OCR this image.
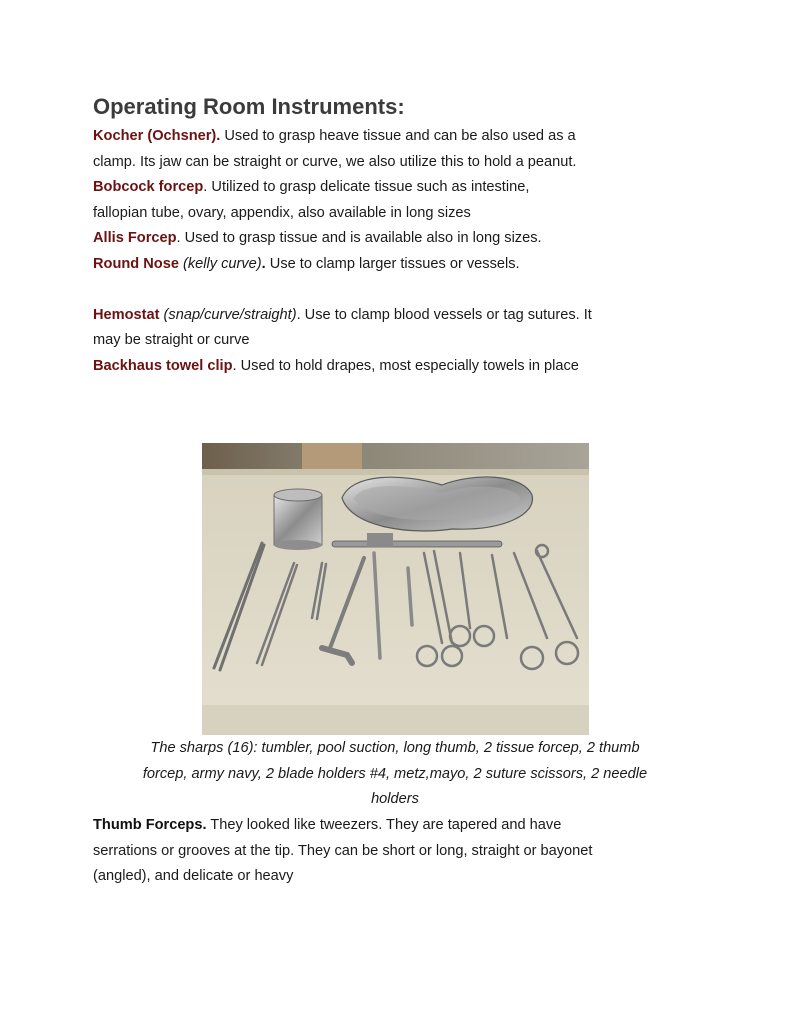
Operating Room Instruments:

Kocher (Ochsner). Used to grasp heave tissue and can be also used as a
clamp. Its jaw can be straight or curve, we also utilize this to hold a peanut.

Bobcock forcep. Utilized to grasp delicate tissue such as intestine,
fallopian tube, ovary, appendix, also available in long sizes

Allis Forcep. Used to grasp tissue and is available also in long sizes.

Round Nose (kelly curve). Use to clamp larger tissues or vessels.

Hemostat (snap/curve/straight). Use to clamp blood vessels or tag sutures. It
may be straight or curve

Backhaus towel clip. Used to hold drapes, most especially towels in place

The sharps (16): tumbler, pool suction, long thumb, 2 tissue forcep, 2 thumb
forcep, army navy, 2 blade holders #4, metz,mayo, 2 suture scissors, 2 needle
holders

Thumb Forceps. They looked like tweezers. They are tapered and have
serrations or grooves at the tip. They can be short or long, straight or bayonet
(angled), and delicate or heavy
